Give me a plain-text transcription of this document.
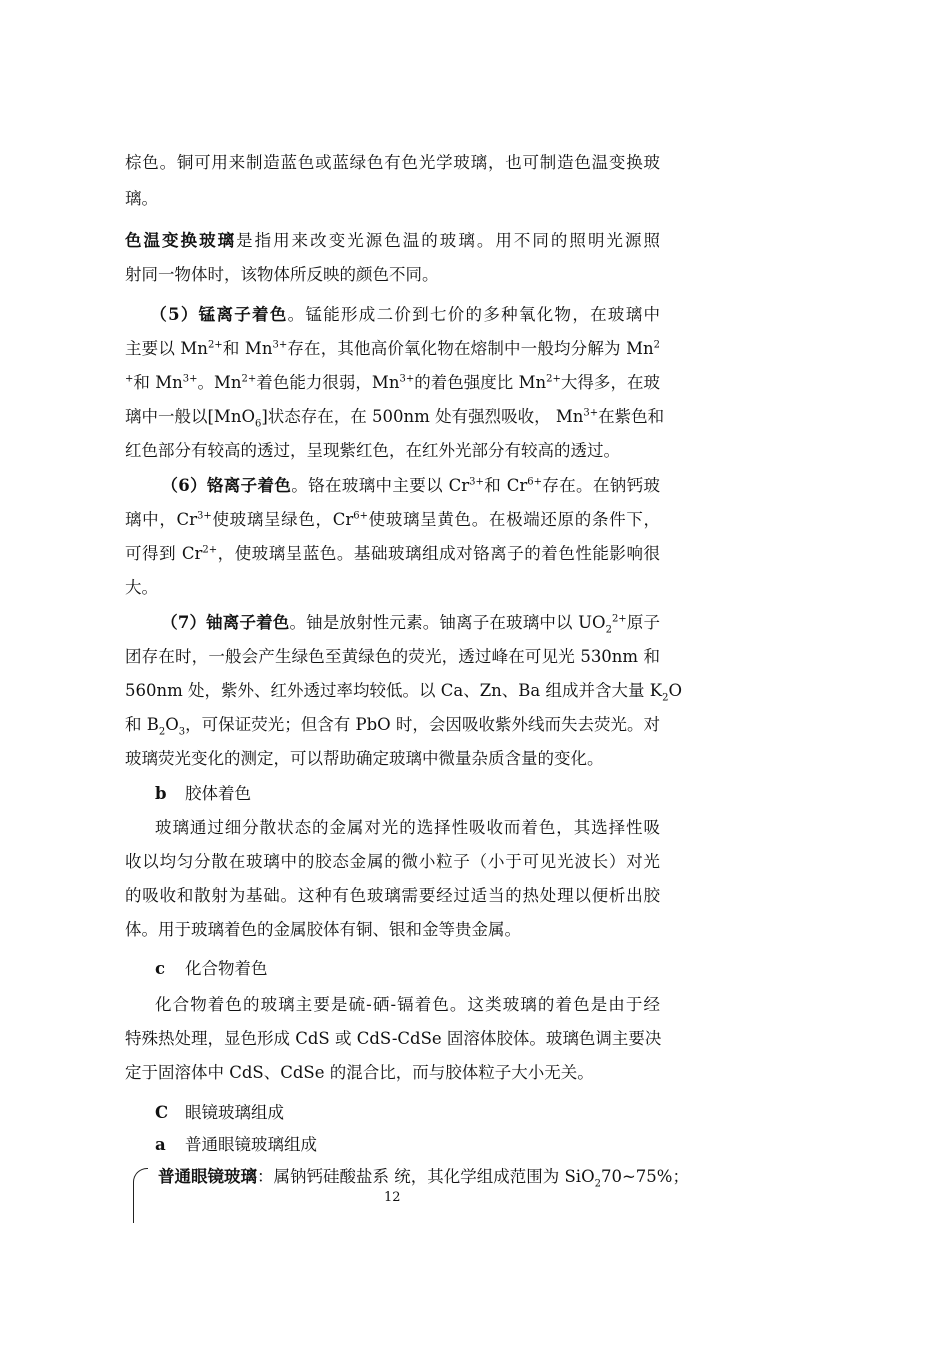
棕色。铜可用来制造蓝色或蓝绿色有色光学玻璃，也可制造色温变换玻
璃。
色温变换玻璃是指用来改变光源色温的玻璃。用不同的照明光源照
射同一物体时，该物体所反映的颜色不同。
（5）锰离子着色。锰能形成二价到七价的多种氧化物，在玻璃中
主要以 $Mn^{2+}$和 $Mn^{3+}$存在，其他高价氧化物在熔制中一般均分解为 Mn$^2$
+和 $Mn^{3+}$。$Mn^{2+}$着色能力很弱，$Mn^{3+}$的着色强度比 $Mn^{2+}$大得多，在玻
璃中一般以[MnO$_6$]状态存在，在 500nm 处有强烈吸收， $Mn^{3+}$在紫色和
红色部分有较高的透过，呈现紫红色，在红外光部分有较高的透过。
（6）铬离子着色。铬在玻璃中主要以 $Cr^{3+}$和 $Cr^{6+}$存在。在钠钙玻
璃中，$Cr^{3+}$使玻璃呈绿色，$Cr^{6+}$使玻璃呈黄色。在极端还原的条件下，
可得到 $Cr^{2+}$，使玻璃呈蓝色。基础玻璃组成对铬离子的着色性能影响很
大。
（7）铀离子着色。铀是放射性元素。铀离子在玻璃中以 $UO_2^{2+}$原子
团存在时，一般会产生绿色至黄绿色的荧光，透过峰在可见光 530nm 和
560nm 处，紫外、红外透过率均较低。以 Ca、Zn、Ba 组成并含大量 $K_2O$
和 $B_2O_3$，可保证荧光；但含有 PbO 时，会因吸收紫外线而失去荧光。对
玻璃荧光变化的测定，可以帮助确定玻璃中微量杂质含量的变化。
b 胶体着色
玻璃通过细分散状态的金属对光的选择性吸收而着色，其选择性吸
收以均匀分散在玻璃中的胶态金属的微小粒子（小于可见光波长）对光
的吸收和散射为基础。这种有色玻璃需要经过适当的热处理以便析出胶
体。用于玻璃着色的金属胶体有铜、银和金等贵金属。
c 化合物着色
化合物着色的玻璃主要是硫-硒-镉着色。这类玻璃的着色是由于经
特殊热处理，显色形成 CdS 或 CdS-CdSe 固溶体胶体。玻璃色调主要决
定于固溶体中 CdS、CdSe 的混合比，而与胶体粒子大小无关。
C 眼镜玻璃组成
a 普通眼镜玻璃组成
普通眼镜玻璃：属钠钙硅酸盐系 统，其化学组成范围为 SiO$_2$70~75%；
12
